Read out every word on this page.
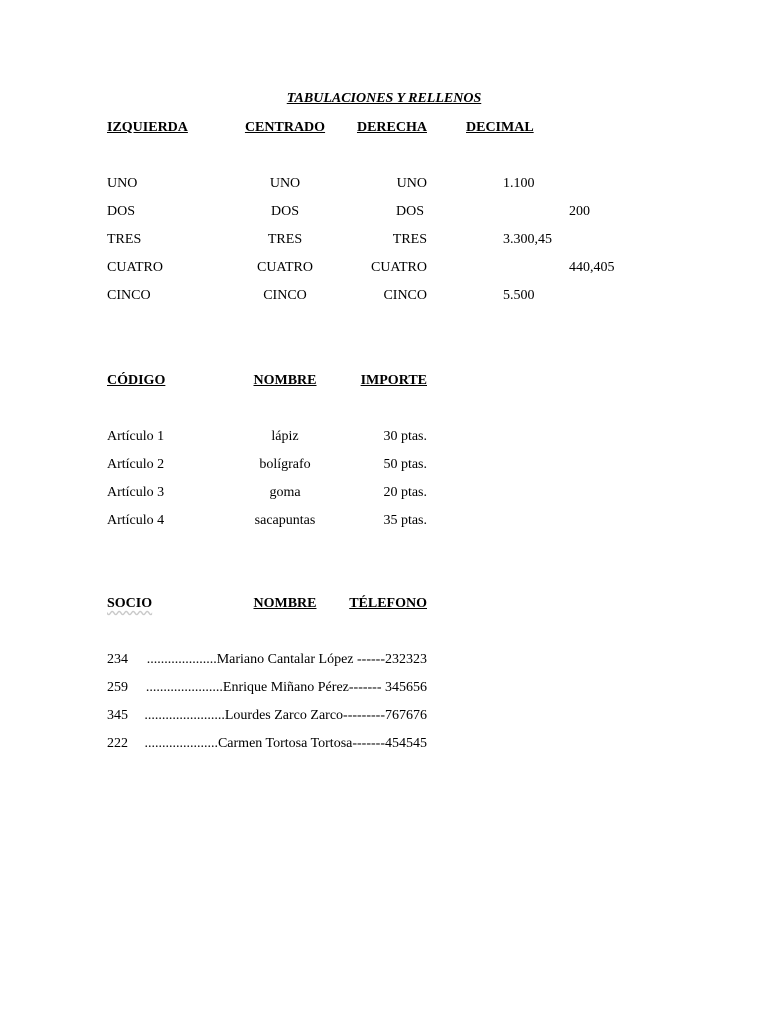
TABULACIONES Y RELLENOS
IZQUIERDA	CENTRADO	DERECHA	DECIMAL
UNO	UNO	UNO	1.100
DOS	DOS	DOS	200
TRES	TRES	TRES	3.300,45
CUATRO	CUATRO	CUATRO	440,405
CINCO	CINCO	CINCO	5.500
CÓDIGO	NOMBRE	IMPORTE
Artículo 1	lápiz	30 ptas.
Artículo 2	bolígrafo	50 ptas.
Artículo 3	goma	20 ptas.
Artículo 4	sacapuntas	35 ptas.
SOCIO	NOMBRE	TÉLEFONO
234	....................Mariano Cantalar López ------232323
259	......................Enrique Miñano Pérez------- 345656
345	.......................Lourdes Zarco Zarco---------767676
222	.....................Carmen Tortosa Tortosa-------454545
